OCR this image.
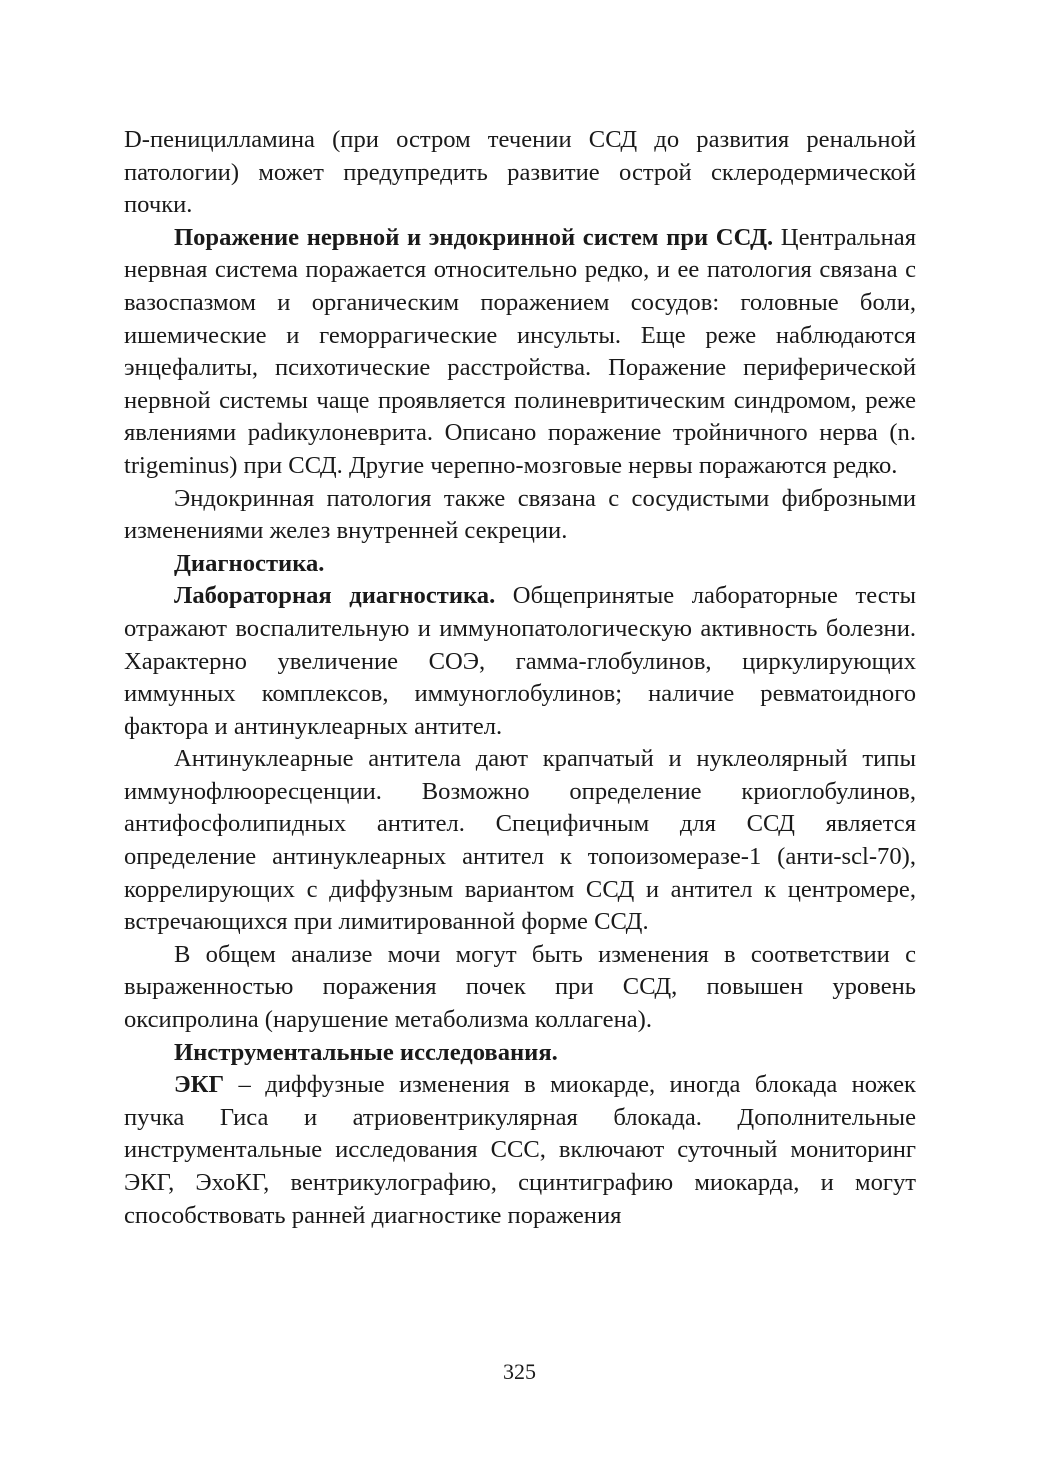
D-пеницилламина (при остром течении ССД до развития ренальной патологии) может предупредить развитие острой склеродермической почки.

Поражение нервной и эндокринной систем при ССД. Центральная нервная система поражается относительно редко, и ее патология связана с вазоспазмом и органическим поражением сосудов: головные боли, ишемические и геморрагические инсульты. Еще реже наблюдаются энцефалиты, психотические расстройства. Поражение периферической нервной системы чаще проявляется полиневритическим синдромом, реже явлениями раdикулоневрита. Описано поражение тройничного нерва (n. trigeminus) при ССД. Другие черепно-мозговые нервы поражаются редко.

Эндокринная патология также связана с сосудистыми фиброзными изменениями желез внутренней секреции.

Диагностика.

Лабораторная диагностика. Общепринятые лабораторные тесты отражают воспалительную и иммунопатологическую активность болезни. Характерно увеличение СОЭ, гамма-глобулинов, циркулирующих иммунных комплексов, иммуноглобулинов; наличие ревматоидного фактора и антинуклеарных антител.

Антинуклеарные антитела дают крапчатый и нуклеолярный типы иммунофлюоресценции. Возможно определение криоглобулинов, антифосфолипидных антител. Специфичным для ССД является определение антинуклеарных антител к топоизомеразе-1 (анти-scl-70), коррелирующих с диффузным вариантом ССД и антител к центромере, встречающихся при лимитированной форме ССД.

В общем анализе мочи могут быть изменения в соответствии с выраженностью поражения почек при ССД, повышен уровень оксипролина (нарушение метаболизма коллагена).

Инструментальные исследования.

ЭКГ – диффузные изменения в миокарде, иногда блокада ножек пучка Гиса и атриовентрикулярная блокада. Дополнительные инструментальные исследования ССС, включают суточный мониторинг ЭКГ, ЭхоКГ, вентрикулографию, сцинтиграфию миокарда, и могут способствовать ранней диагностике поражения

325
